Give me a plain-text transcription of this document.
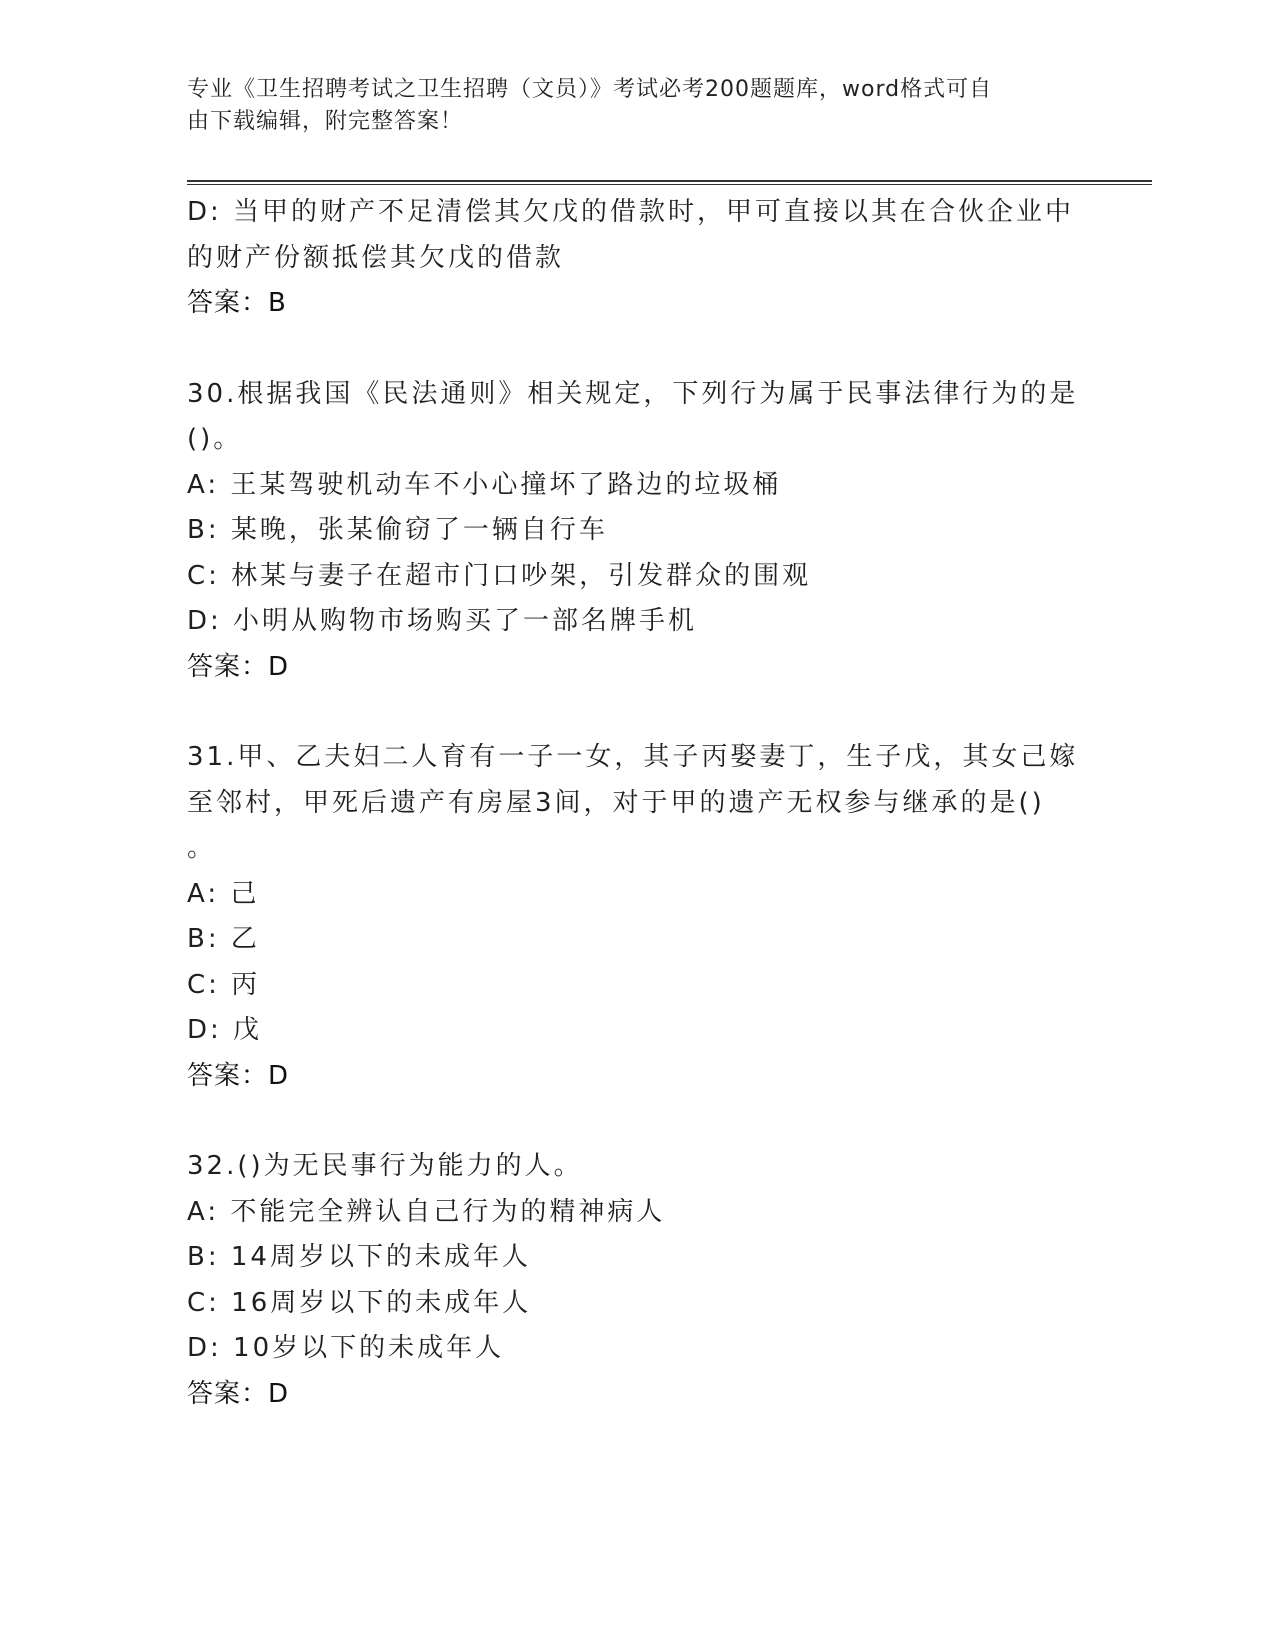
专业《卫生招聘考试之卫生招聘（文员）》考试必考200题题库，word格式可自
由下载编辑，附完整答案！
D: 当甲的财产不足清偿其欠戊的借款时，甲可直接以其在合伙企业中
的财产份额抵偿其欠戊的借款
答案：B
30.根据我国《民法通则》相关规定，下列行为属于民事法律行为的是
()。
A: 王某驾驶机动车不小心撞坏了路边的垃圾桶
B: 某晚，张某偷窃了一辆自行车
C: 林某与妻子在超市门口吵架，引发群众的围观
D: 小明从购物市场购买了一部名牌手机
答案：D
31.甲、乙夫妇二人育有一子一女，其子丙娶妻丁，生子戊，其女己嫁
至邻村，甲死后遗产有房屋3间，对于甲的遗产无权参与继承的是()
。
A: 己
B: 乙
C: 丙
D: 戊
答案：D
32.()为无民事行为能力的人。
A: 不能完全辨认自己行为的精神病人
B: 14周岁以下的未成年人
C: 16周岁以下的未成年人
D: 10岁以下的未成年人
答案：D
